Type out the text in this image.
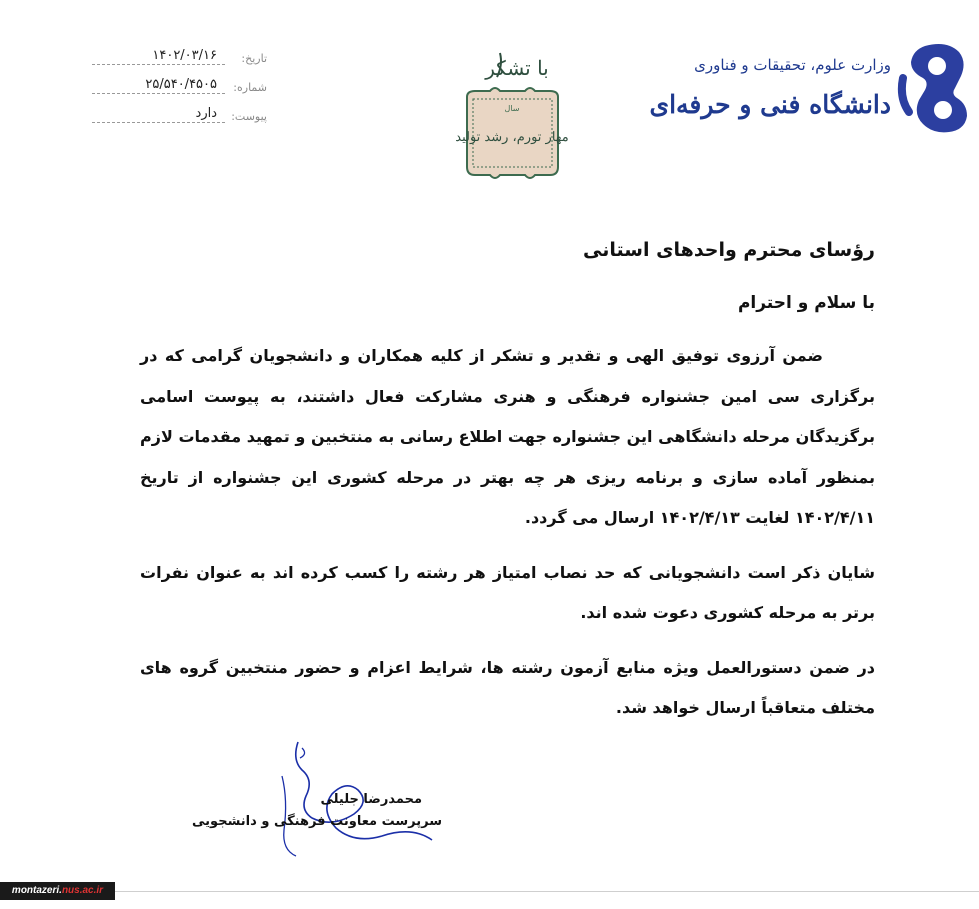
تاریخ:
۱۴۰۲/۰۳/۱۶
شماره:
۲۵/۵۴۰/۴۵۰۵
پیوست:
دارد
با تشکر
سال
مهار تورم، رشد تولید
وزارت علوم، تحقیقات و فناوری
دانشگاه فنی و حرفه‌ای
رؤسای محترم واحدهای استانی

با سلام و احترام

ضمن آرزوی توفیق الهی و تقدیر و تشکر از کلیه همکاران و دانشجویان گرامی که در برگزاری سی امین جشنواره فرهنگی و هنری مشارکت فعال داشتند، به پیوست اسامی برگزیدگان مرحله دانشگاهی این جشنواره جهت اطلاع رسانی به منتخبین و تمهید مقدمات لازم بمنظور آماده سازی و برنامه ریزی هر چه بهتر در مرحله کشوری این جشنواره از تاریخ ۱۴۰۲/۴/۱۱ لغایت ۱۴۰۲/۴/۱۳ ارسال می گردد.

شایان ذکر است دانشجویانی که حد نصاب امتیاز هر رشته را کسب کرده اند به عنوان نفرات برتر به مرحله کشوری دعوت شده اند.

در ضمن دستورالعمل ویژه منابع آزمون رشته ها، شرایط اعزام و حضور منتخبین گروه های مختلف متعاقباً ارسال خواهد شد.

محمدرضا جلیلی
سرپرست معاونت فرهنگی و دانشجویی
montazeri.nus.ac.ir
